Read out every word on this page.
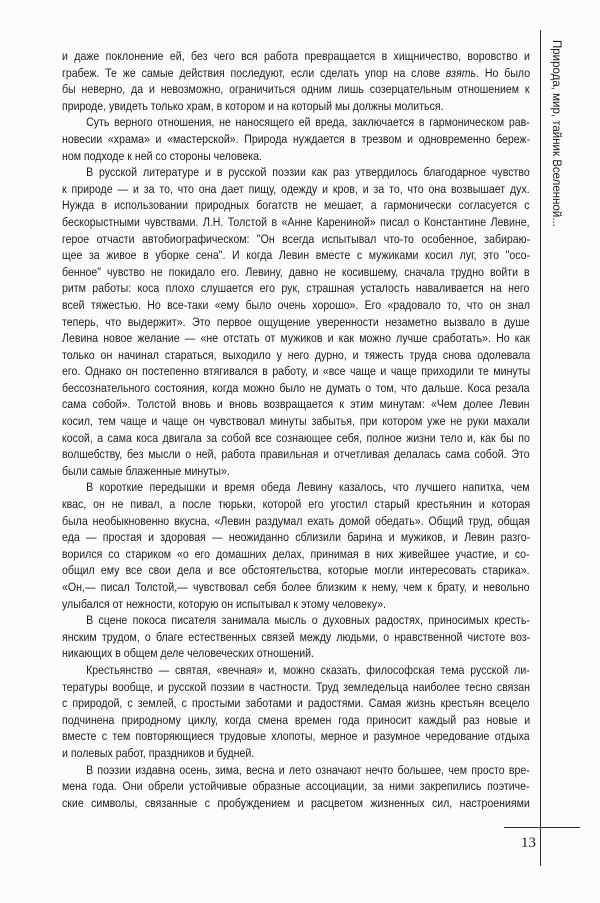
Природа, мир, тайник Вселенной...
и даже поклонение ей, без чего вся работа превращается в хищничество, воровство и
грабеж. Те же самые действия последуют, если сделать упор на слове взять. Но было
бы неверно, да и невозможно, ограничиться одним лишь созерцательным отношением к
природе, увидеть только храм, в котором и на который мы должны молиться.
Суть верного отношения, не наносящего ей вреда, заключается в гармоническом рав-
новесии «храма» и «мастерской». Природа нуждается в трезвом и одновременно береж-
ном подходе к ней со стороны человека.
В русской литературе и в русской поэзии как раз утвердилось благодарное чувство
к природе — и за то, что она дает пищу, одежду и кров, и за то, что она возвышает дух.
Нужда в использовании природных богатств не мешает, а гармонически согласуется с
бескорыстными чувствами. Л.Н. Толстой в «Анне Карениной» писал о Константине Левине,
герое отчасти автобиографическом: "Он всегда испытывал что-то особенное, забираю-
щее за живое в уборке сена". И когда Левин вместе с мужиками косил луг, это "осо-
бенное" чувство не покидало его. Левину, давно не косившему, сначала трудно войти в
ритм работы: коса плохо слушается его рук, страшная усталость наваливается на него
всей тяжестью. Но все-таки «ему было очень хорошо». Его «радовало то, что он знал
теперь, что выдержит». Это первое ощущение уверенности незаметно вызвало в душе
Левина новое желание — «не отстать от мужиков и как можно лучше сработать». Но как
только он начинал стараться, выходило у него дурно, и тяжесть труда снова одолевала
его. Однако он постепенно втягивался в работу, и «все чаще и чаще приходили те минуты
бессознательного состояния, когда можно было не думать о том, что дальше. Коса резала
сама собой». Толстой вновь и вновь возвращается к этим минутам: «Чем долее Левин
косил, тем чаще и чаще он чувствовал минуты забытья, при котором уже не руки махали
косой, а сама коса двигала за собой все сознающее себя, полное жизни тело и, как бы по
волшебству, без мысли о ней, работа правильная и отчетливая делалась сама собой. Это
были самые блаженные минуты».
В короткие передышки и время обеда Левину казалось, что лучшего напитка, чем
квас, он не пивал, а после тюрьки, которой его угостил старый крестьянин и которая
была необыкновенно вкусна, «Левин раздумал ехать домой обедать». Общий труд, общая
еда — простая и здоровая — неожиданно сблизили барина и мужиков, и Левин разго-
ворился со стариком «о его домашних делах, принимая в них живейшее участие, и со-
общил ему все свои дела и все обстоятельства, которые могли интересовать старика».
«Он,— писал Толстой,— чувствовал себя более близким к нему, чем к брату, и невольно
улыбался от нежности, которую он испытывал к этому человеку».
В сцене покоса писателя занимала мысль о духовных радостях, приносимых кресть-
янским трудом, о благе естественных связей между людьми, о нравственной чистоте воз-
никающих в общем деле человеческих отношений.
Крестьянство — святая, «вечная» и, можно сказать, философская тема русской ли-
тературы вообще, и русской поэзии в частности. Труд земледельца наиболее тесно связан
с природой, с землей, с простыми заботами и радостями. Самая жизнь крестьян всецело
подчинена природному циклу, когда смена времен года приносит каждый раз новые и
вместе с тем повторяющиеся трудовые хлопоты, мерное и разумное чередование отдыха
и полевых работ, праздников и будней.
В поэзии издавна осень, зима, весна и лето означают нечто большее, чем просто вре-
мена года. Они обрели устойчивые образные ассоциации, за ними закрепились поэтиче-
ские символы, связанные с пробуждением и расцветом жизненных сил, настроениями
13
